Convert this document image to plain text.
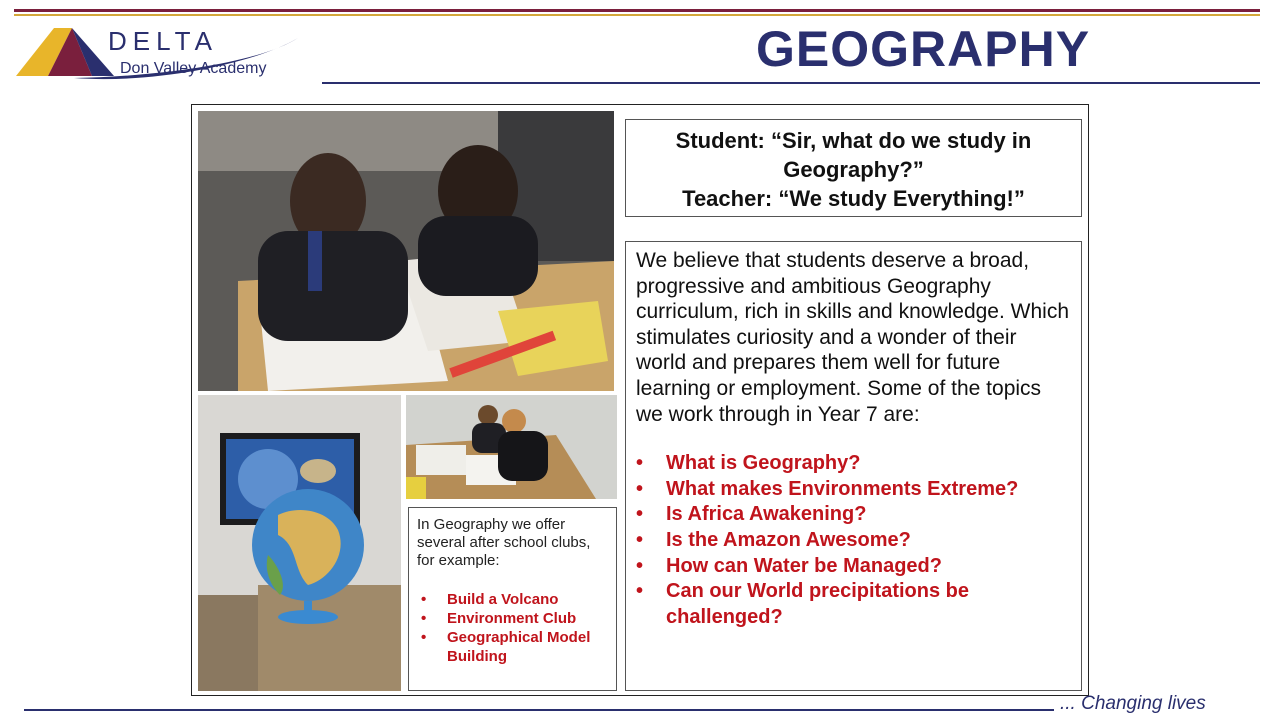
DELTA
Don Valley Academy	GEOGRAPHY
In Geography we offer several after school clubs, for example:
• Build a Volcano
• Environment Club
• Geographical Model Building
Student: “Sir, what do we study in
Geography?”
Teacher: “We study Everything!”
We believe that students deserve a broad, progressive and ambitious Geography curriculum, rich in skills and knowledge. Which stimulates curiosity and a wonder of their world and prepares them well for future learning or employment. Some of the topics we work through in Year 7 are:
• What is Geography?
• What makes Environments Extreme?
• Is Africa Awakening?
• Is the Amazon Awesome?
• How can Water be Managed?
• Can our World precipitations be challenged?
... Changing lives
